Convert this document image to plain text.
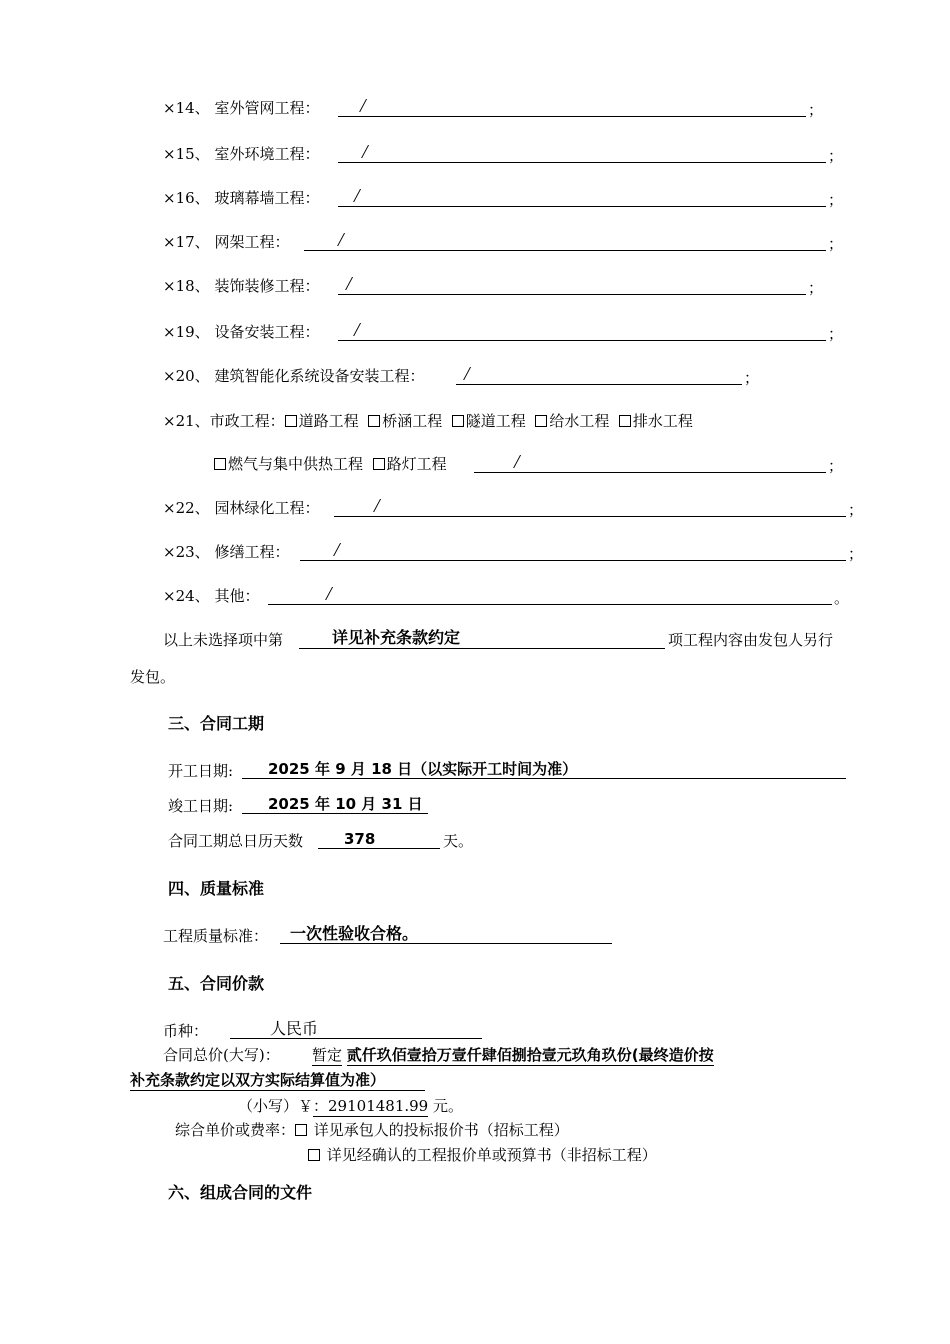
×14、 室外管网工程： /	；
×15、 室外环境工程： /	；
×16、 玻璃幕墙工程： /	；
×17、 网架工程： /	；
×18、 装饰装修工程： /	；
×19、 设备安装工程： /	；
×20、 建筑智能化系统设备安装工程： /	；
×21、市政工程： 道路工程 桥涵工程 隧道工程 给水工程 排水工程
燃气与集中供热工程 路灯工程	/	；
×22、 园林绿化工程：	/	；
×23、 修缮工程： /	；
×24、 其他：	/	。
以上未选择项中第	详见补充条款约定	项工程内容由发包人另行
发包。
三、合同工期
开工日期: 2025 年 9 月 18 日（以实际开工时间为准）
竣工日期: 2025 年 10 月 31 日
合同工期总日历天数	378	天。
四、质量标准
工程质量标准： 一次性验收合格。
五、合同价款
币种：	人民币
合同总价(大写)： 暂定 贰仟玖佰壹拾万壹仟肆佰捌拾壹元玖角玖份(最终造价按
补充条款约定以双方实际结算值为准）
（小写）￥：29101481.99 元。
综合单价或费率： 详见承包人的投标报价书（招标工程）
详见经确认的工程报价单或预算书（非招标工程）
六、组成合同的文件
